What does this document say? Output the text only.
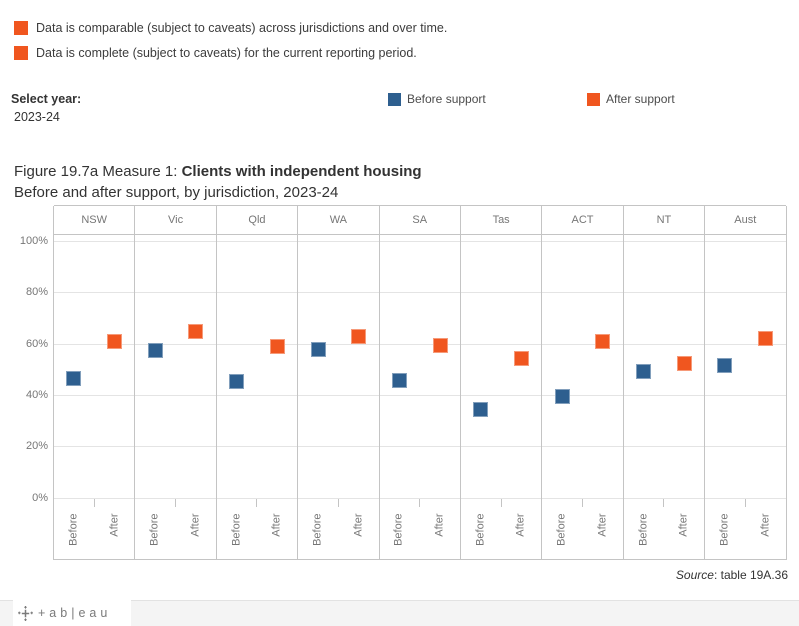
Data is comparable (subject to caveats) across jurisdictions and over time.
Data is complete (subject to caveats) for the current reporting period.
Select year:
2023-24
Before support	After support
Figure 19.7a Measure 1: Clients with independent housing
Before and after support, by jurisdiction, 2023-24
0%
20%
40%
60%
80%
100%
NSW
Before	After
Vic
Before	After
Qld
Before	After
WA
Before	After
SA
Before	After
Tas
Before	After
ACT
Before	After
NT
Before	After
Aust
Before	After
Source: table 19A.36
+ab|eau
